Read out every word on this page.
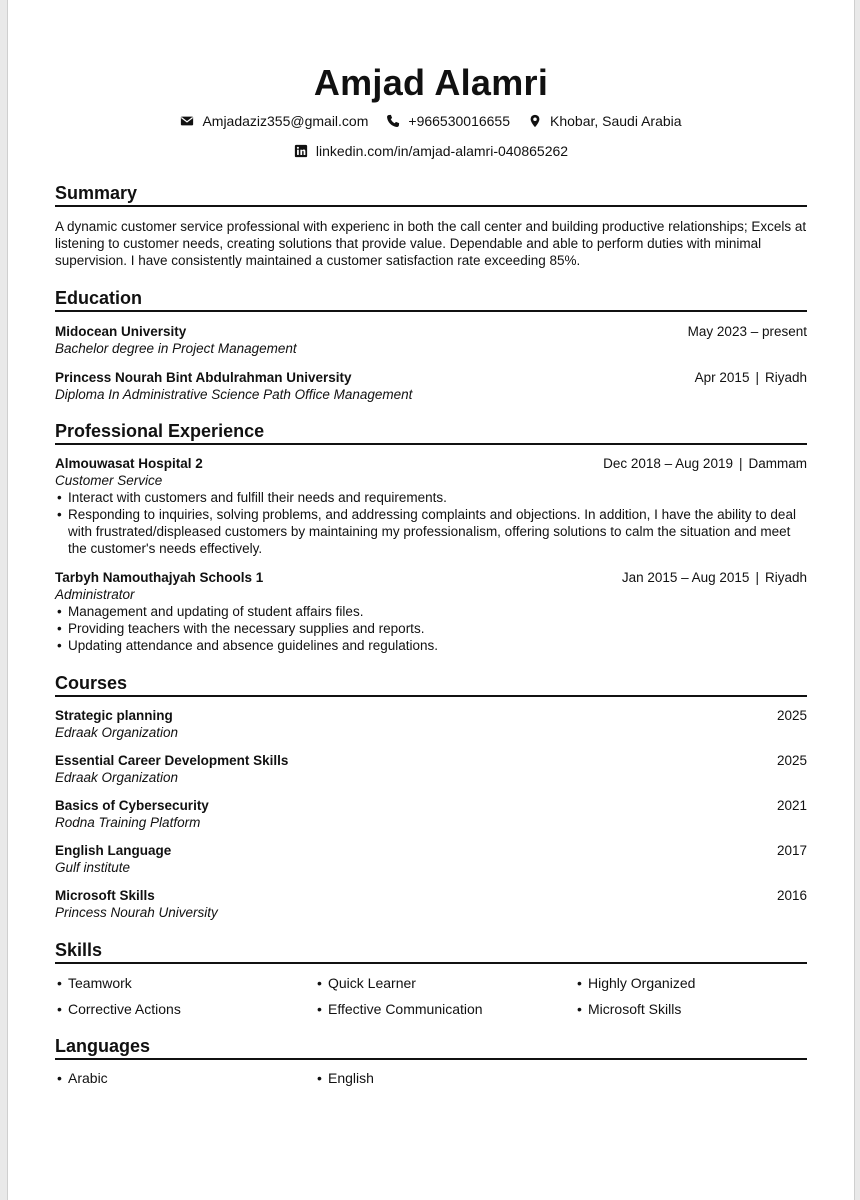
Amjad Alamri
Amjadaziz355@gmail.com	+966530016655	Khobar, Saudi Arabia
linkedin.com/in/amjad-alamri-040865262
Summary
A dynamic customer service professional with experienc in both the call center and building productive relationships; Excels at listening to customer needs, creating solutions that provide value. Dependable and able to perform duties with minimal supervision. I have consistently maintained a customer satisfaction rate exceeding 85%.
Education
Midocean University	May 2023 – present
Bachelor degree in Project Management
Princess Nourah Bint Abdulrahman University	Apr 2015 | Riyadh
Diploma In Administrative Science Path Office Management
Professional Experience
Almouwasat Hospital 2	Dec 2018 – Aug 2019 | Dammam
Customer Service
• Interact with customers and fulfill their needs and requirements.
• Responding to inquiries, solving problems, and addressing complaints and objections. In addition, I have the ability to deal with frustrated/displeased customers by maintaining my professionalism, offering solutions to calm the situation and meet the customer's needs effectively.
Tarbyh Namouthajyah Schools 1	Jan 2015 – Aug 2015 | Riyadh
Administrator
• Management and updating of student affairs files.
• Providing teachers with the necessary supplies and reports.
• Updating attendance and absence guidelines and regulations.
Courses
Strategic planning	2025
Edraak Organization
Essential Career Development Skills	2025
Edraak Organization
Basics of Cybersecurity	2021
Rodna Training Platform
English Language	2017
Gulf institute
Microsoft Skills	2016
Princess Nourah University
Skills
• Teamwork	• Quick Learner	• Highly Organized
• Corrective Actions	• Effective Communication	• Microsoft Skills
Languages
• Arabic	• English
